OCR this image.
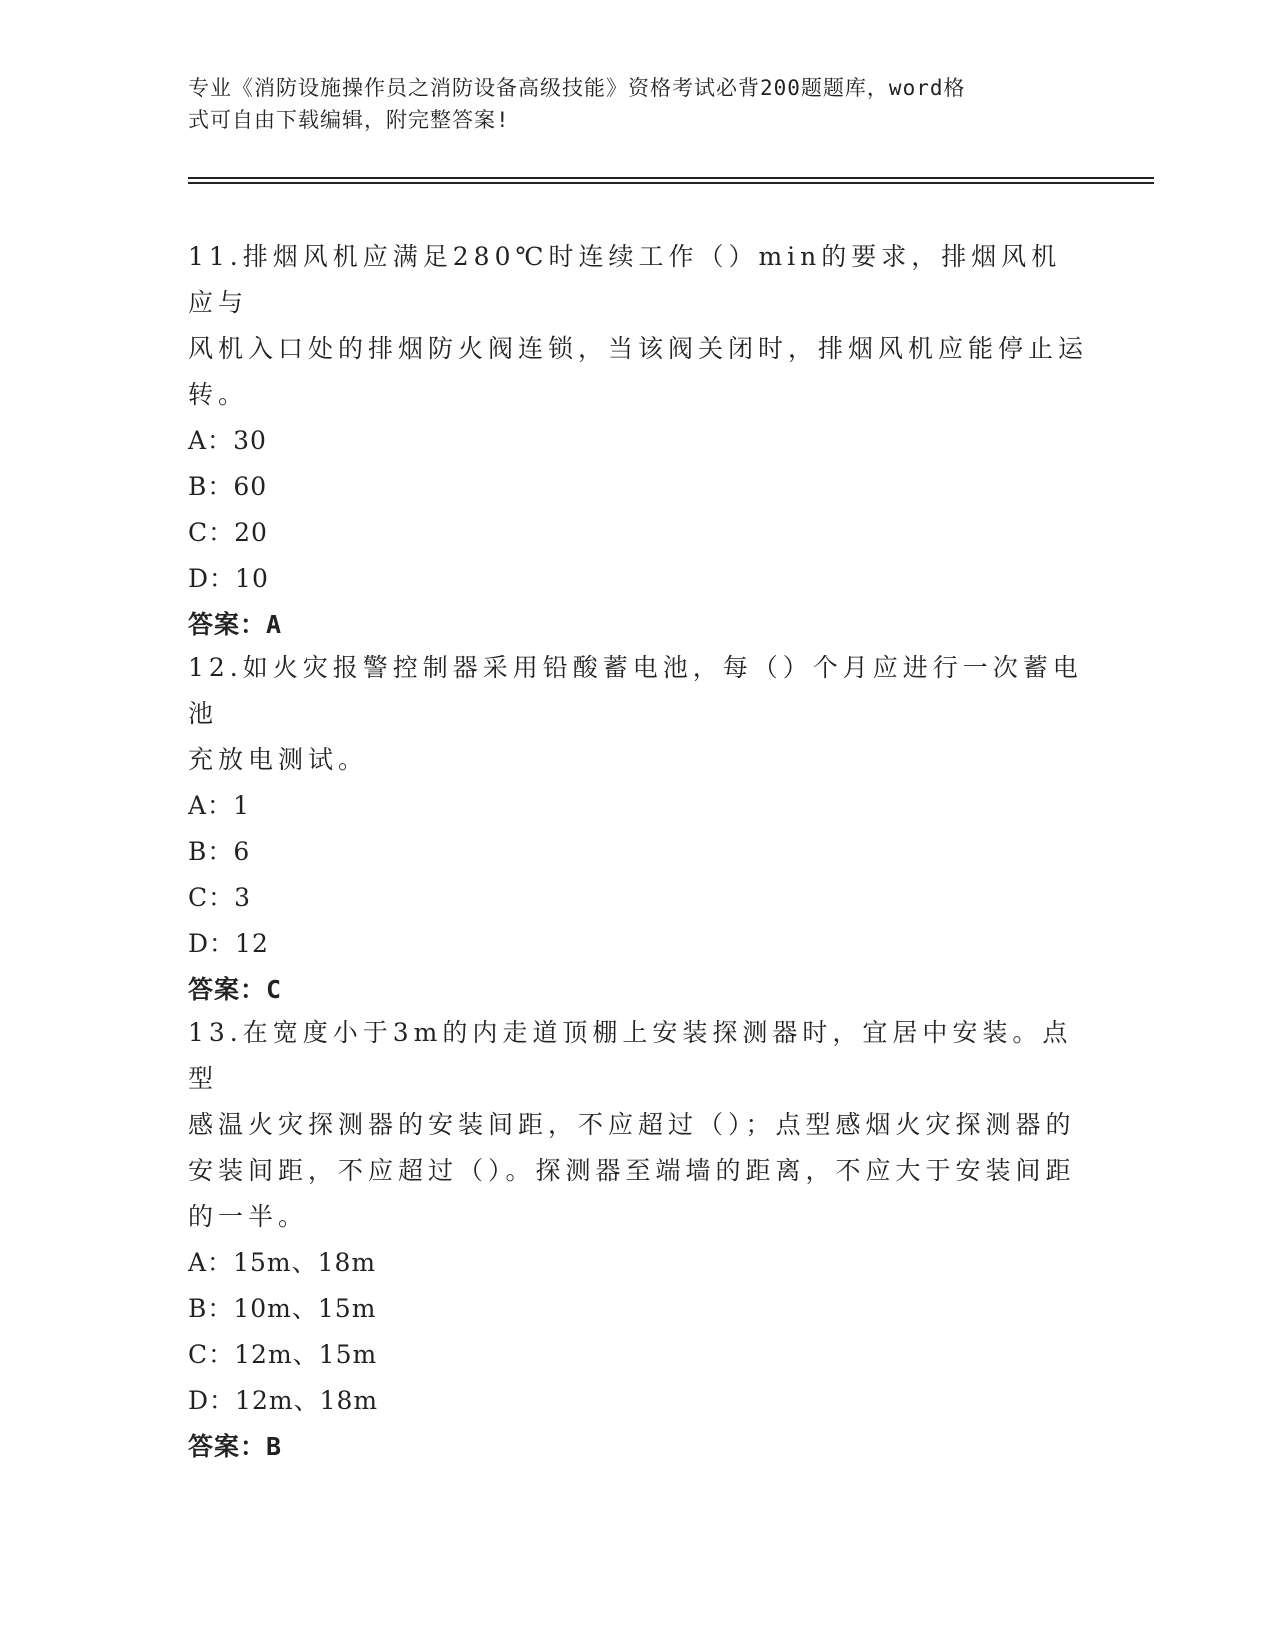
专业《消防设施操作员之消防设备高级技能》资格考试必背200题题库，word格
式可自由下载编辑，附完整答案!

11.排烟风机应满足280℃时连续工作（）min的要求，排烟风机应与

风机入口处的排烟防火阀连锁，当该阀关闭时，排烟风机应能停止运

转。

A：30

B：60

C：20

D：10

答案：A

12.如火灾报警控制器采用铅酸蓄电池，每（）个月应进行一次蓄电池

充放电测试。

A：1

B：6

C：3

D：12

答案：C

13.在宽度小于3m的内走道顶棚上安装探测器时，宜居中安装。点型

感温火灾探测器的安装间距，不应超过（）；点型感烟火灾探测器的

安装间距，不应超过（）。探测器至端墙的距离，不应大于安装间距

的一半。

A：15m、18m

B：10m、15m

C：12m、15m

D：12m、18m

答案：B
